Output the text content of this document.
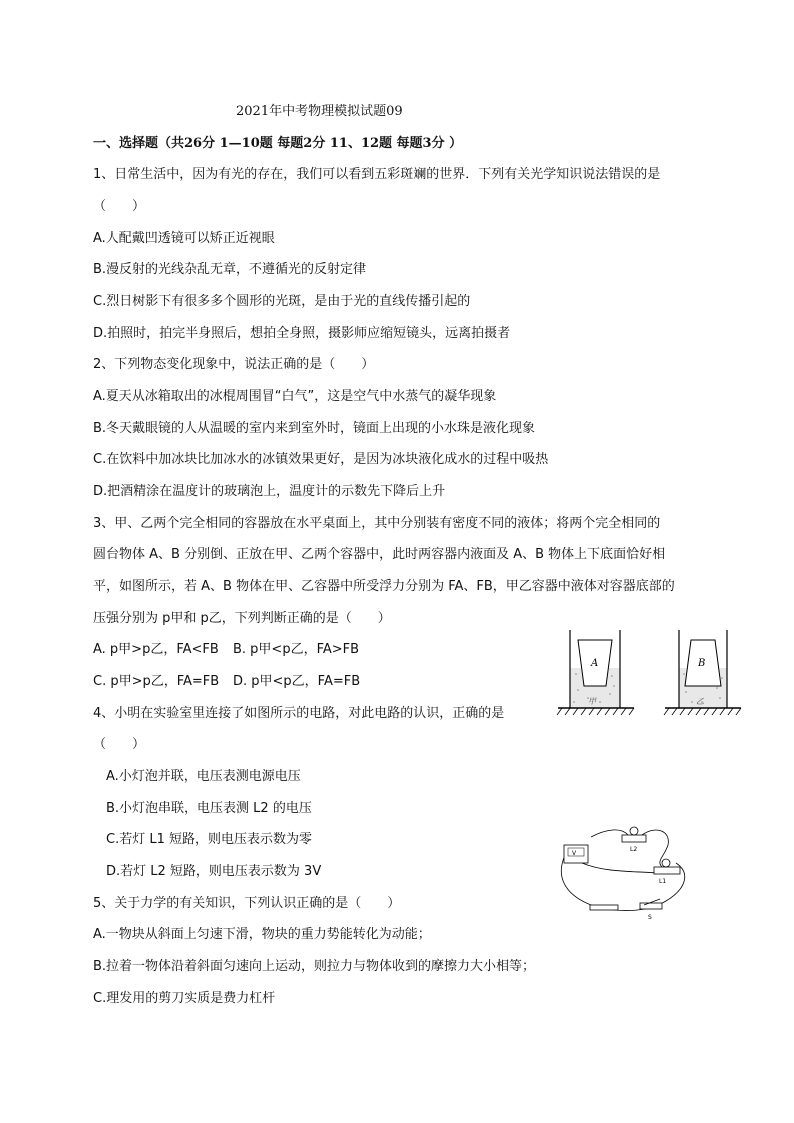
2021年中考物理模拟试题09
一、选择题（共26分 1—10题 每题2分 11、12题 每题3分 ）
1、日常生活中，因为有光的存在，我们可以看到五彩斑斓的世界．下列有关光学知识说法错误的是
（　　）
A.人配戴凹透镜可以矫正近视眼
B.漫反射的光线杂乱无章，不遵循光的反射定律
C.烈日树影下有很多多个圆形的光斑，是由于光的直线传播引起的
D.拍照时，拍完半身照后，想拍全身照，摄影师应缩短镜头，远离拍摄者
2、下列物态变化现象中，说法正确的是（　　）
A.夏天从冰箱取出的冰棍周围冒“白气”，这是空气中水蒸气的凝华现象
B.冬天戴眼镜的人从温暖的室内来到室外时，镜面上出现的小水珠是液化现象
C.在饮料中加冰块比加冰水的冰镇效果更好，是因为冰块液化成水的过程中吸热
D.把酒精涂在温度计的玻璃泡上，温度计的示数先下降后上升
3、甲、乙两个完全相同的容器放在水平桌面上，其中分别装有密度不同的液体；将两个完全相同的
圆台物体 A、B 分别倒、正放在甲、乙两个容器中，此时两容器内液面及 A、B 物体上下底面恰好相
平，如图所示，若 A、B 物体在甲、乙容器中所受浮力分别为 FA、FB，甲乙容器中液体对容器底部的
压强分别为 p甲和 p乙，下列判断正确的是（　　）
A. p甲>p乙，FA<FB B. p甲<p乙，FA>FB
C. p甲>p乙，FA=FB D. p甲<p乙，FA=FB
A
甲
B
乙
4、小明在实验室里连接了如图所示的电路，对此电路的认识，正确的是
（　　）
A.小灯泡并联，电压表测电源电压
B.小灯泡串联，电压表测 L2 的电压
C.若灯 L1 短路，则电压表示数为零
D.若灯 L2 短路，则电压表示数为 3V
V
L2
L1
S
5、关于力学的有关知识，下列认识正确的是（　　）
A.一物块从斜面上匀速下滑，物块的重力势能转化为动能；
B.拉着一物体沿着斜面匀速向上运动，则拉力与物体收到的摩擦力大小相等；
C.理发用的剪刀实质是费力杠杆
